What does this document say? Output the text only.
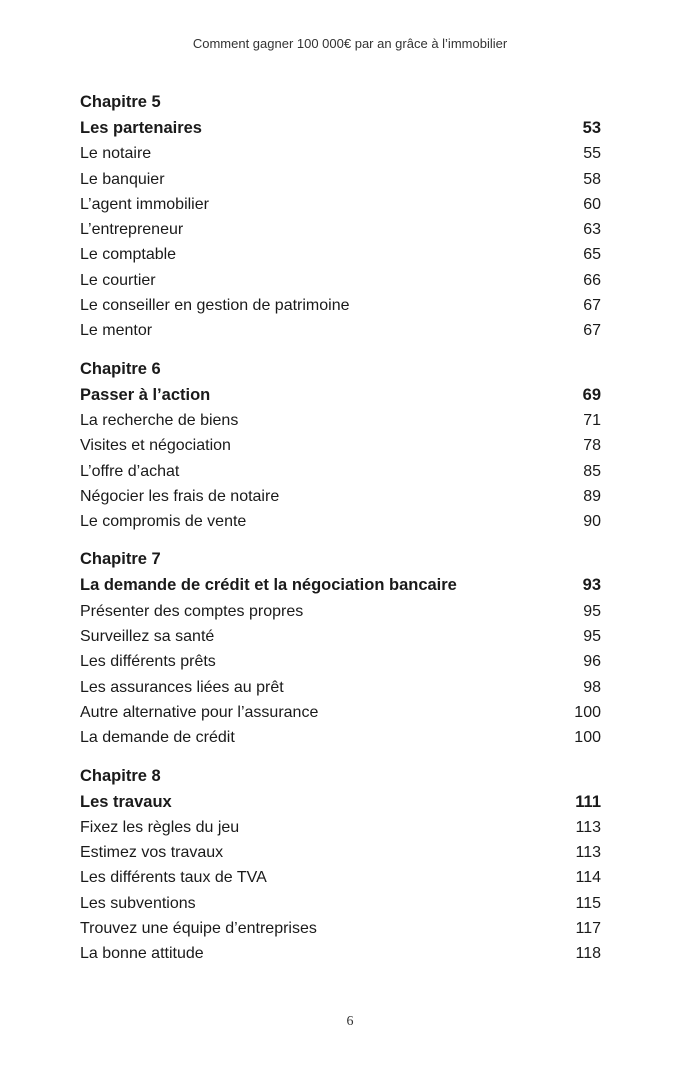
Comment gagner 100 000€ par an grâce à l’immobilier
Chapitre 5
Les partenaires	53
Le notaire	55
Le banquier	58
L’agent immobilier	60
L’entrepreneur	63
Le comptable	65
Le courtier	66
Le conseiller en gestion de patrimoine	67
Le mentor	67
Chapitre 6
Passer à l’action	69
La recherche de biens	71
Visites et négociation	78
L’offre d’achat	85
Négocier les frais de notaire	89
Le compromis de vente	90
Chapitre 7
La demande de crédit et la négociation bancaire	93
Présenter des comptes propres	95
Surveillez sa santé	95
Les différents prêts	96
Les assurances liées au prêt	98
Autre alternative pour l’assurance	100
La demande de crédit	100
Chapitre 8
Les travaux	111
Fixez les règles du jeu	113
Estimez vos travaux	113
Les différents taux de TVA	114
Les subventions	115
Trouvez une équipe d’entreprises	117
La bonne attitude	118
6
